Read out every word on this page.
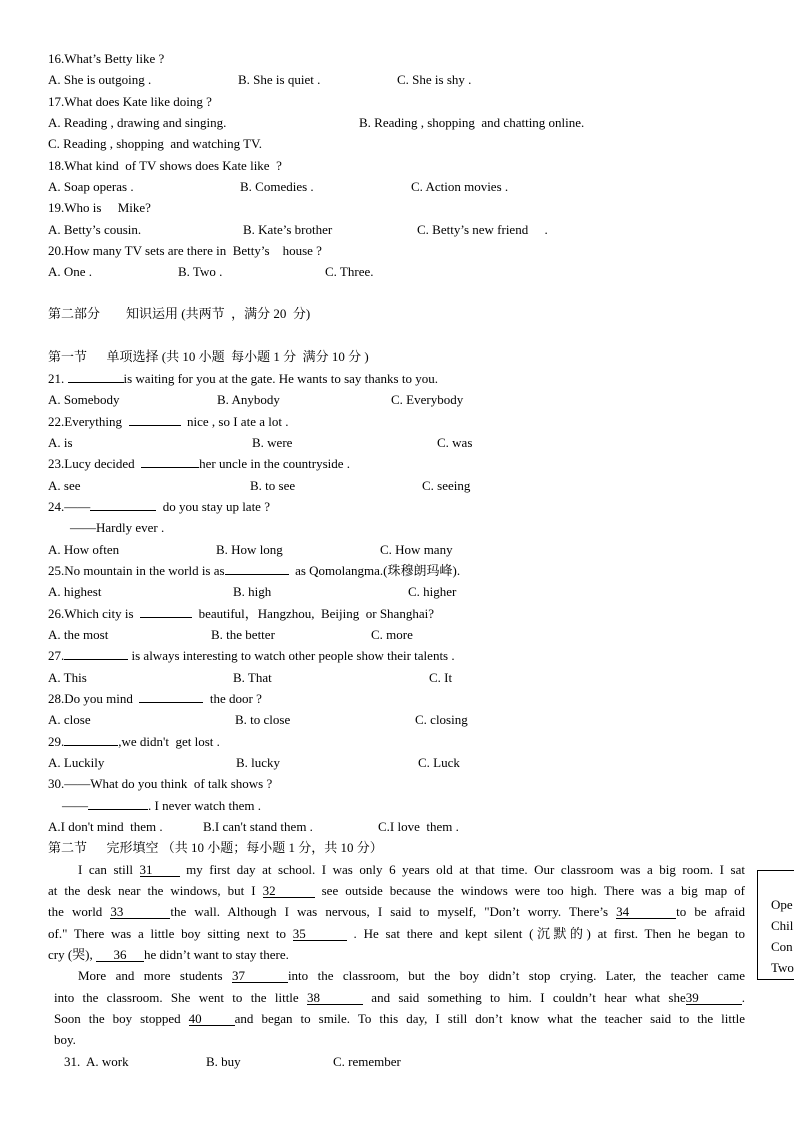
16.What’s Betty like ?
A. She is outgoing .	B. She is quiet .	C. She is shy .
17.What does Kate like doing ?
A. Reading , drawing and singing.	B. Reading , shopping  and chatting online.
C. Reading , shopping  and watching TV.
18.What kind  of TV shows does Kate like  ?
A. Soap operas .	B. Comedies .	C. Action movies .
19.Who is     Mike?
A. Betty’s cousin.	B. Kate’s brother	C. Betty’s new friend     .
20.How many TV sets are there in  Betty’s    house ?
A. One .	B. Two .	C. Three.
第二部分        知识运用 (共两节  ，满分 20  分)
第一节      单项选择 (共 10 小题  每小题 1 分  满分 10 分 )
21.	is waiting for you at the gate. He wants to say thanks to you.
A. Somebody	B. Anybody	C. Everybody
22.Everything	nice , so I ate a lot .
A. is	B. were	C. was
23.Lucy decided	her uncle in the countryside .
A. see	B. to see	C. seeing
24.——	do you stay up late ?
——Hardly ever .
A. How often	B. How long	C. How many
25.No mountain in the world is as	as Qomolangma.(珠穆朗玛峰).
A. highest	B. high	C. higher
26.Which city is	beautiful，Hangzhou,  Beijing  or Shanghai?
A. the most	B. the better	C. more
27.	is always interesting to watch other people show their talents .
A. This	B. That	C. It
28.Do you mind	the door ?
A. close	B. to close	C. closing
29.	,we didn't  get lost .
A. Luckily	B. lucky	C. Luck
30.——What do you think  of talk shows ?
——	. I never watch them .
A.I don't mind  them .	B.I can't stand them .	C.I love  them .
第二节      完形填空 （共 10 小题；每小题 1 分，共 10 分）
I can still 31	my first day at school. I was only 6 years old at that time. Our classroom was a big room. I sat
at the desk near the windows, but I 32	see outside because the windows were too high. There was a big map of
the world 33	the wall. Although I was nervous, I said to myself, "Don’t worry. There’s 34	to be afraid
of." There was a little boy sitting next to 35	. He sat there and kept silent (沉默的) at first. Then he began to
cry (哭), 36 he didn’t want to stay there.
More and more students 37	into the classroom, but the boy didn’t stop crying. Later, the teacher came
into the classroom. She went to the little 38	and said something to him. I couldn’t hear what she39	.
Soon the boy stopped 40	and began to smile. To this day, I still don’t know what the teacher said to the little
boy.
31. A. work	B. buy	C. remember
Ope
Chil
Con
Two
